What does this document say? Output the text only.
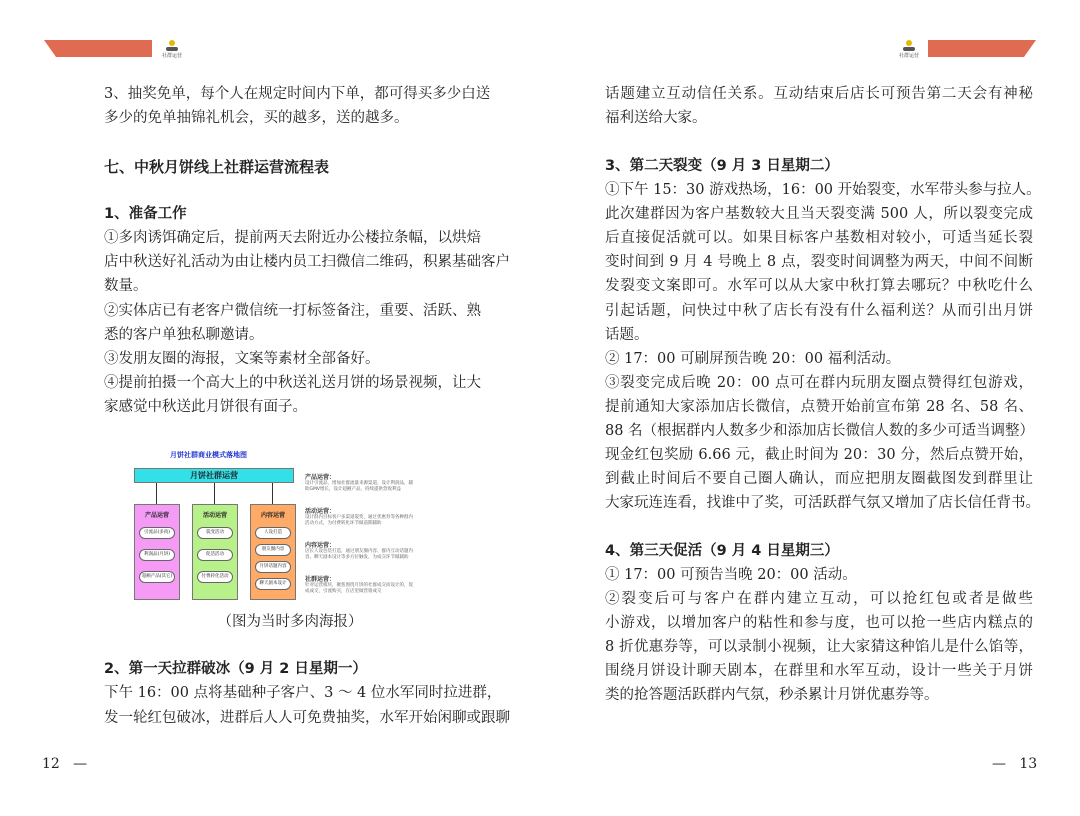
社群运营	社群运营
3、抽奖免单，每个人在规定时间内下单，都可得买多少白送
多少的免单抽锦礼机会，买的越多，送的越多。
七、中秋月饼线上社群运营流程表
1、准备工作
①多肉诱饵确定后，提前两天去附近办公楼拉条幅，以烘焙
店中秋送好礼活动为由让楼内员工扫微信二维码，积累基础客户
数量。
②实体店已有老客户微信统一打标签备注，重要、活跃、熟
悉的客户单独私聊邀请。
③发朋友圈的海报，文案等素材全部备好。
④提前拍摄一个高大上的中秋送礼送月饼的场景视频，让大
家感觉中秋送此月饼很有面子。
（图为当时多肉海报）
2、第一天拉群破冰（9 月 2 日星期一）
下午 16：00 点将基础种子客户、3 ～ 4 位水军同时拉进群，
发一轮红包破冰，进群后人人可免费抽奖，水军开始闲聊或跟聊
话题建立互动信任关系。互动结束后店长可预告第二天会有神秘
福利送给大家。
3、第二天裂变（9 月 3 日星期二）
①下午 15：30 游戏热场，16：00 开始裂变，水军带头参与拉人。
此次建群因为客户基数较大且当天裂变满 500 人，所以裂变完成
后直接促活就可以。如果目标客户基数相对较小，可适当延长裂
变时间到 9 月 4 号晚上 8 点，裂变时间调整为两天，中间不间断
发裂变文案即可。水军可以从大家中秋打算去哪玩？中秋吃什么
引起话题，问快过中秋了店长有没有什么福利送？从而引出月饼
话题。
② 17：00 可刷屏预告晚 20：00 福利活动。
③裂变完成后晚 20：00 点可在群内玩朋友圈点赞得红包游戏，
提前通知大家添加店长微信，点赞开始前宣布第 28 名、58 名、
88 名（根据群内人数多少和添加店长微信人数的多少可适当调整）
现金红包奖励 6.66 元，截止时间为 20：30 分，然后点赞开始，
到截止时间后不要自己圈人确认，而应把朋友圈截图发到群里让
大家玩连连看，找谁中了奖，可活跃群气氛又增加了店长信任背书。
4、第三天促活（9 月 4 日星期三）
① 17：00 可预告当晚 20：00 活动。
②裂变后可与客户在群内建立互动，可以抢红包或者是做些
小游戏，以增加客户的粘性和参与度，也可以抢一些店内糕点的
8 折优惠券等，可以录制小视频，让大家猜这种馅儿是什么馅等，
围绕月饼设计聊天剧本，在群里和水军互动，设计一些关于月饼
类的抢答题活跃群内气氛，秒杀累计月饼优惠券等。
月饼社群商业模式落地图
月饼社群运营
产品运营
引流品(多肉)
利润品(月饼)
超额产品(其它)
活动运营
裂变活动
促活活动
付费转化活动
内容运营
人设打造
朋友圈内容
月饼话题内容
聊天剧本设计
产品运营：
设计引流品，增加社群流量来源渠道，设计利润品，辅助GMV增长，设计超额产品，持续提供营收利益
活动运营：
设计群内目标客户多渠道裂变，通过优惠券等各种群内活动方式，为付费转化环节做前期辅助
内容运营：
店长人设包装打造，通过朋友圈内容、群内互动话题内容、聊天剧本设计等多方位触发，为成交环节做辅助
社群运营：
针对运营模块，聚焦围绕月饼的社群成交而设计的，促成成交，引流购买，在店里做营销成交
12   —	—   13
